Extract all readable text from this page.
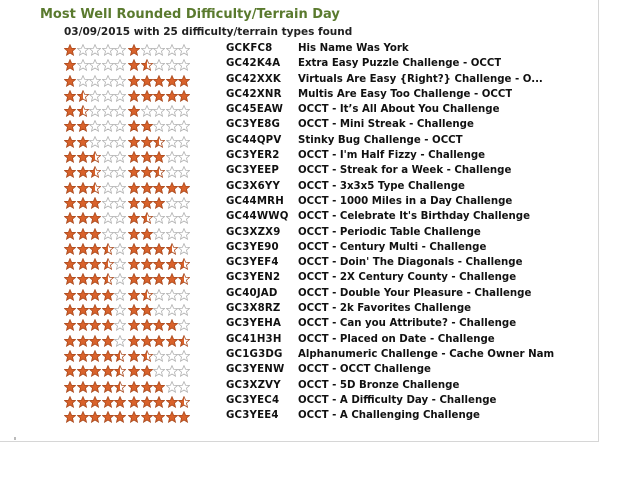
Most Well Rounded Difficulty/Terrain Day
03/09/2015 with 25 difficulty/terrain types found
GCKFC8	His Name Was York
GC42K4A Extra Easy Puzzle Challenge - OCCT
GC42XXK Virtuals Are Easy {Right?} Challenge - O...
GC42XNR Multis Are Easy Too Challenge - OCCT
GC45EAW OCCT - It’s All About You Challenge
GC3YE8G OCCT - Mini Streak - Challenge
GC44QPV Stinky Bug Challenge - OCCT
GC3YER2 OCCT - I'm Half Fizzy - Challenge
GC3YEEP OCCT - Streak for a Week - Challenge
GC3X6YY OCCT - 3x3x5 Type Challenge
GC44MRH OCCT - 1000 Miles in a Day Challenge
GC44WWQ OCCT - Celebrate It's Birthday Challenge
GC3XZX9 OCCT - Periodic Table Challenge
GC3YE90 OCCT - Century Multi - Challenge
GC3YEF4 OCCT - Doin' The Diagonals - Challenge
GC3YEN2 OCCT - 2X Century County - Challenge
GC40JAD OCCT - Double Your Pleasure - Challenge
GC3X8RZ OCCT - 2k Favorites Challenge
GC3YEHA OCCT - Can you Attribute? - Challenge
GC41H3H OCCT - Placed on Date - Challenge
GC1G3DG Alphanumeric Challenge - Cache Owner Nam
GC3YENW OCCT - OCCT Challenge
GC3XZVY OCCT - 5D Bronze Challenge
GC3YEC4 OCCT - A Difficulty Day - Challenge
GC3YEE4 OCCT - A Challenging Challenge
